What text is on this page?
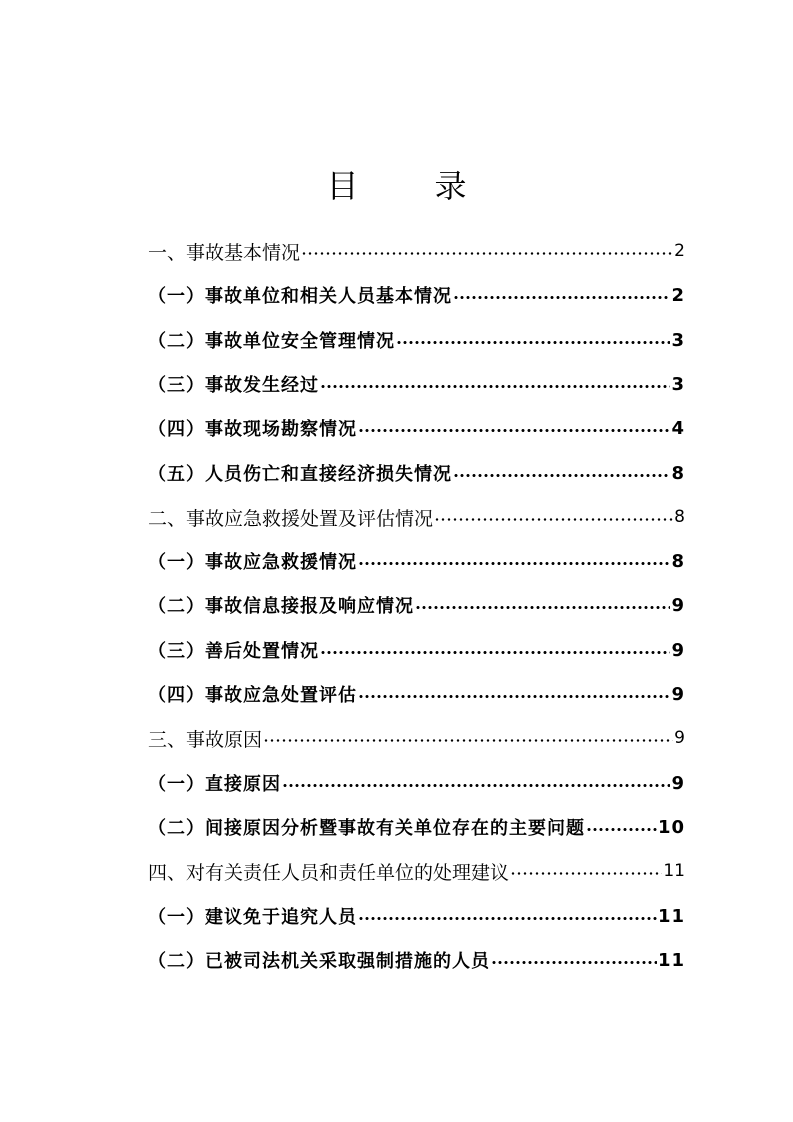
目 录
一、事故基本情况	2
（一）事故单位和相关人员基本情况	2
（二）事故单位安全管理情况	3
（三）事故发生经过	3
（四）事故现场勘察情况	4
（五）人员伤亡和直接经济损失情况	8
二、事故应急救援处置及评估情况	8
（一）事故应急救援情况	8
（二）事故信息接报及响应情况	9
（三）善后处置情况	9
（四）事故应急处置评估	9
三、事故原因	9
（一）直接原因	9
（二）间接原因分析暨事故有关单位存在的主要问题	10
四、对有关责任人员和责任单位的处理建议	11
（一）建议免于追究人员	11
（二）已被司法机关采取强制措施的人员	11
